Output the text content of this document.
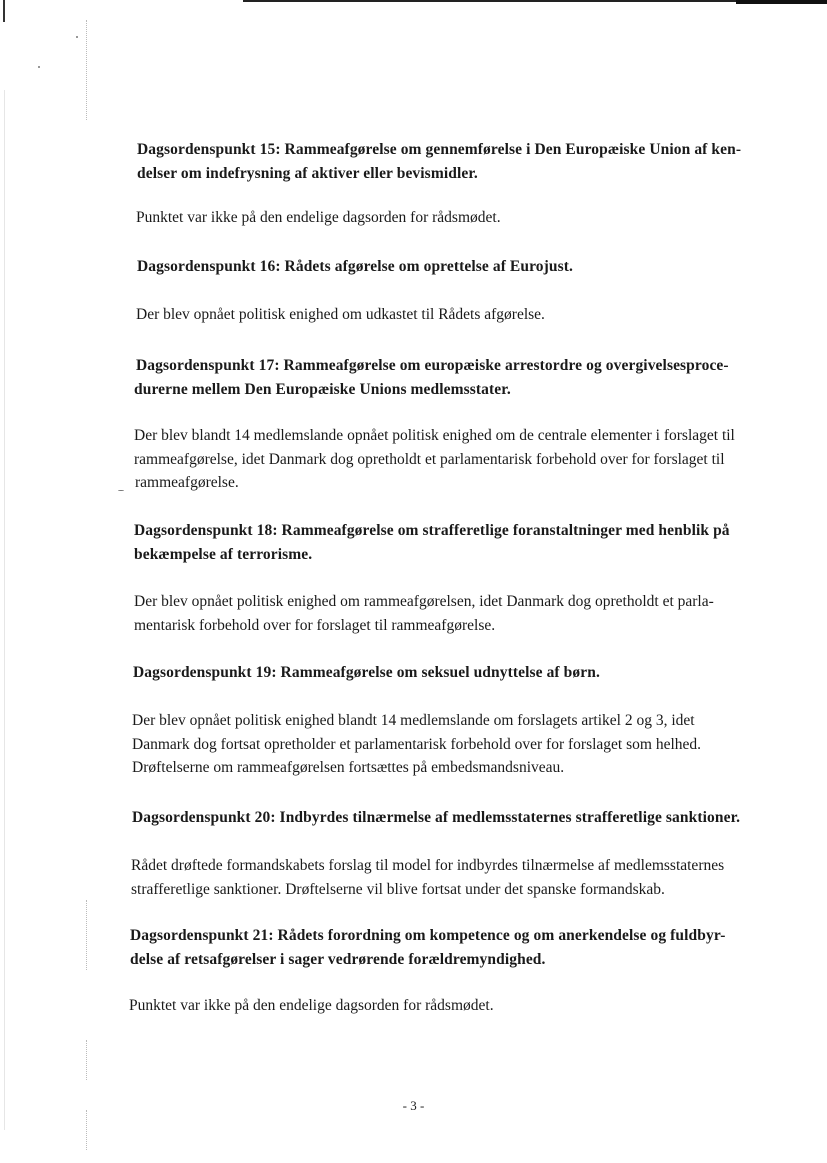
Dagsordenspunkt 15: Rammeafgørelse om gennemførelse i Den Europæiske Union af ken-
delser om indefrysning af aktiver eller bevismidler.
Punktet var ikke på den endelige dagsorden for rådsmødet.
Dagsordenspunkt 16: Rådets afgørelse om oprettelse af Eurojust.
Der blev opnået politisk enighed om udkastet til Rådets afgørelse.
Dagsordenspunkt 17: Rammeafgørelse om europæiske arrestordre og overgivelsesproce-
durerne mellem Den Europæiske Unions medlemsstater.
Der blev blandt 14 medlemslande opnået politisk enighed om de centrale elementer i forslaget til
rammeafgørelse, idet Danmark dog opretholdt et parlamentarisk forbehold over for forslaget til
rammeafgørelse.
Dagsordenspunkt 18: Rammeafgørelse om strafferetlige foranstaltninger med henblik på
bekæmpelse af terrorisme.
Der blev opnået politisk enighed om rammeafgørelsen, idet Danmark dog opretholdt et parla-
mentarisk forbehold over for forslaget til rammeafgørelse.
Dagsordenspunkt 19: Rammeafgørelse om seksuel udnyttelse af børn.
Der blev opnået politisk enighed blandt 14 medlemslande om forslagets artikel 2 og 3, idet
Danmark dog fortsat opretholder et parlamentarisk forbehold over for forslaget som helhed.
Drøftelserne om rammeafgørelsen fortsættes på embedsmandsniveau.
Dagsordenspunkt 20: Indbyrdes tilnærmelse af medlemsstaternes strafferetlige sanktioner.
Rådet drøftede formandskabets forslag til model for indbyrdes tilnærmelse af medlemsstaternes
strafferetlige sanktioner. Drøftelserne vil blive fortsat under det spanske formandskab.
Dagsordenspunkt 21: Rådets forordning om kompetence og om anerkendelse og fuldbyr-
delse af retsafgørelser i sager vedrørende forældremyndighed.
Punktet var ikke på den endelige dagsorden for rådsmødet.
- 3 -
